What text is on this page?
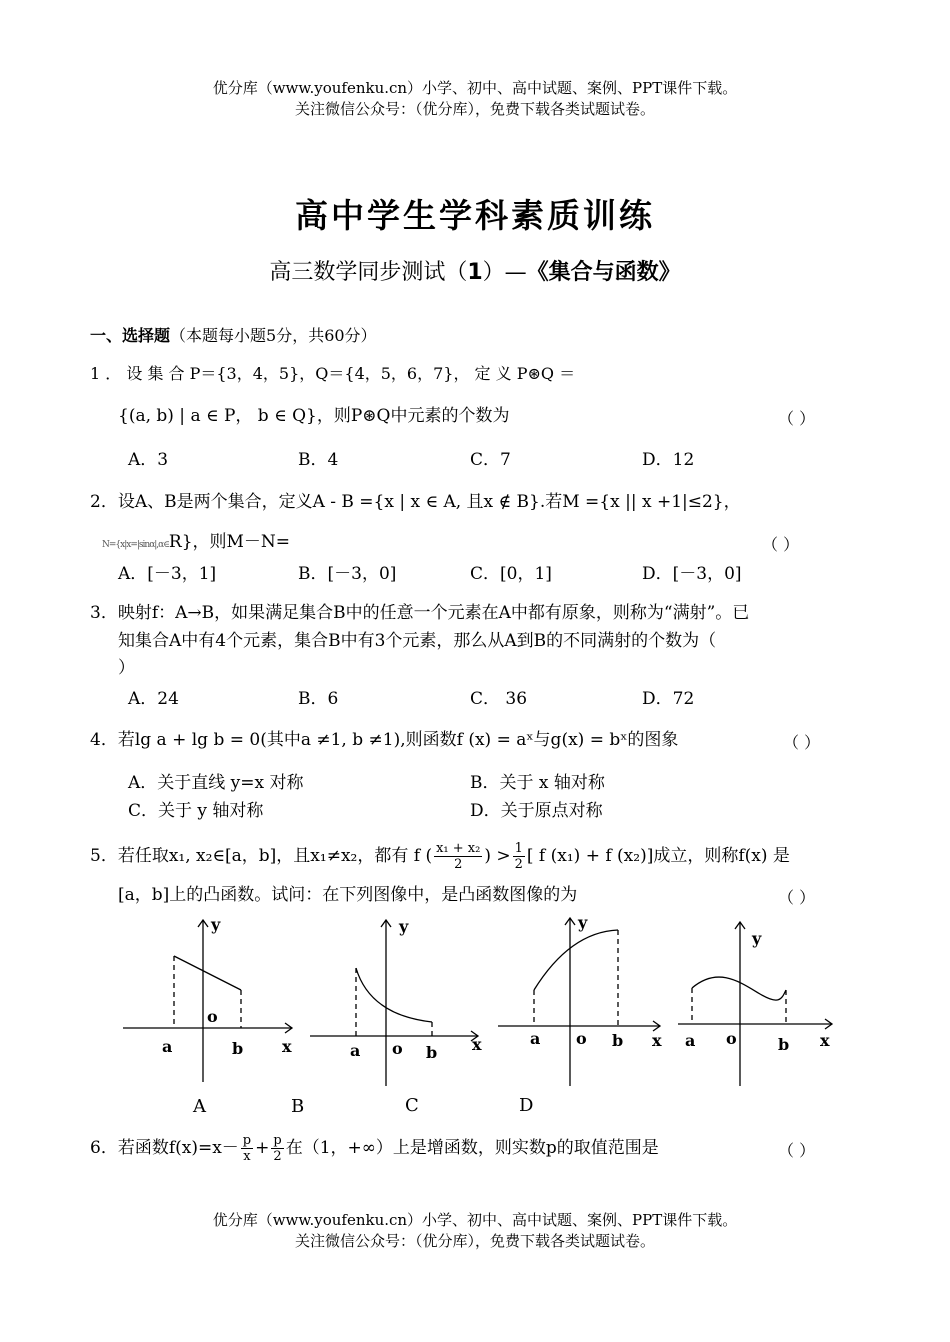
优分库（www.youfenku.cn）小学、初中、高中试题、案例、PPT课件下载。
关注微信公众号：（优分库），免费下载各类试题试卷。
高中学生学科素质训练
高三数学同步测试（1）—《集合与函数》
一、选择题（本题每小题5分，共60分）
1 ． 设 集 合 P＝{3，4，5}，Q＝{4，5，6，7}， 定 义 P⊛Q ＝
{(a, b) | a ∈ P， b ∈ Q}，则P⊛Q中元素的个数为	（ ）
A．3	B．4	C．7	D．12
2．设A、B是两个集合，定义A - B ={x | x ∈ A, 且x ∉ B}.若M ={x || x +1|≤2}，
N={x|x=|sinα|,α∈R}，则M－N=	（ ）
A．[－3，1]	B．[－3，0]	C．[0，1]	D．[－3，0]
3．映射f：A→B，如果满足集合B中的任意一个元素在A中都有原象，则称为“满射”。已
知集合A中有4个元素，集合B中有3个元素，那么从A到B的不同满射的个数为（
）
A．24	B．6	C． 36	D．72
4．若lg a + lg b = 0(其中a ≠1, b ≠1),则函数f (x) = aˣ与g(x) = bˣ的图象	（ ）
A．关于直线 y=x 对称	B．关于 x 轴对称
C．关于 y 轴对称	D．关于原点对称
5．若任取x₁, x₂∈[a，b]，且x₁≠x₂，都有 f ( $\frac{\text{x₁ + x₂}}{2}$ ) > $\frac{1}{2}$ [ f (x₁) + f (x₂)]成立，则称f(x) 是
[a，b]上的凸函数。试问：在下列图像中，是凸函数图像的为	（ ）
y
x
a	b
o
y
x
a	b
o
y
x
a	b
o
y
x
a	b
o
A	B	C	D
6．若函数$f(x)=x- \frac{p}{x} + \frac{p}{2}$ 在（1，+∞）上是增函数，则实数p的取值范围是	（ ）
优分库（www.youfenku.cn）小学、初中、高中试题、案例、PPT课件下载。
关注微信公众号：（优分库），免费下载各类试题试卷。
